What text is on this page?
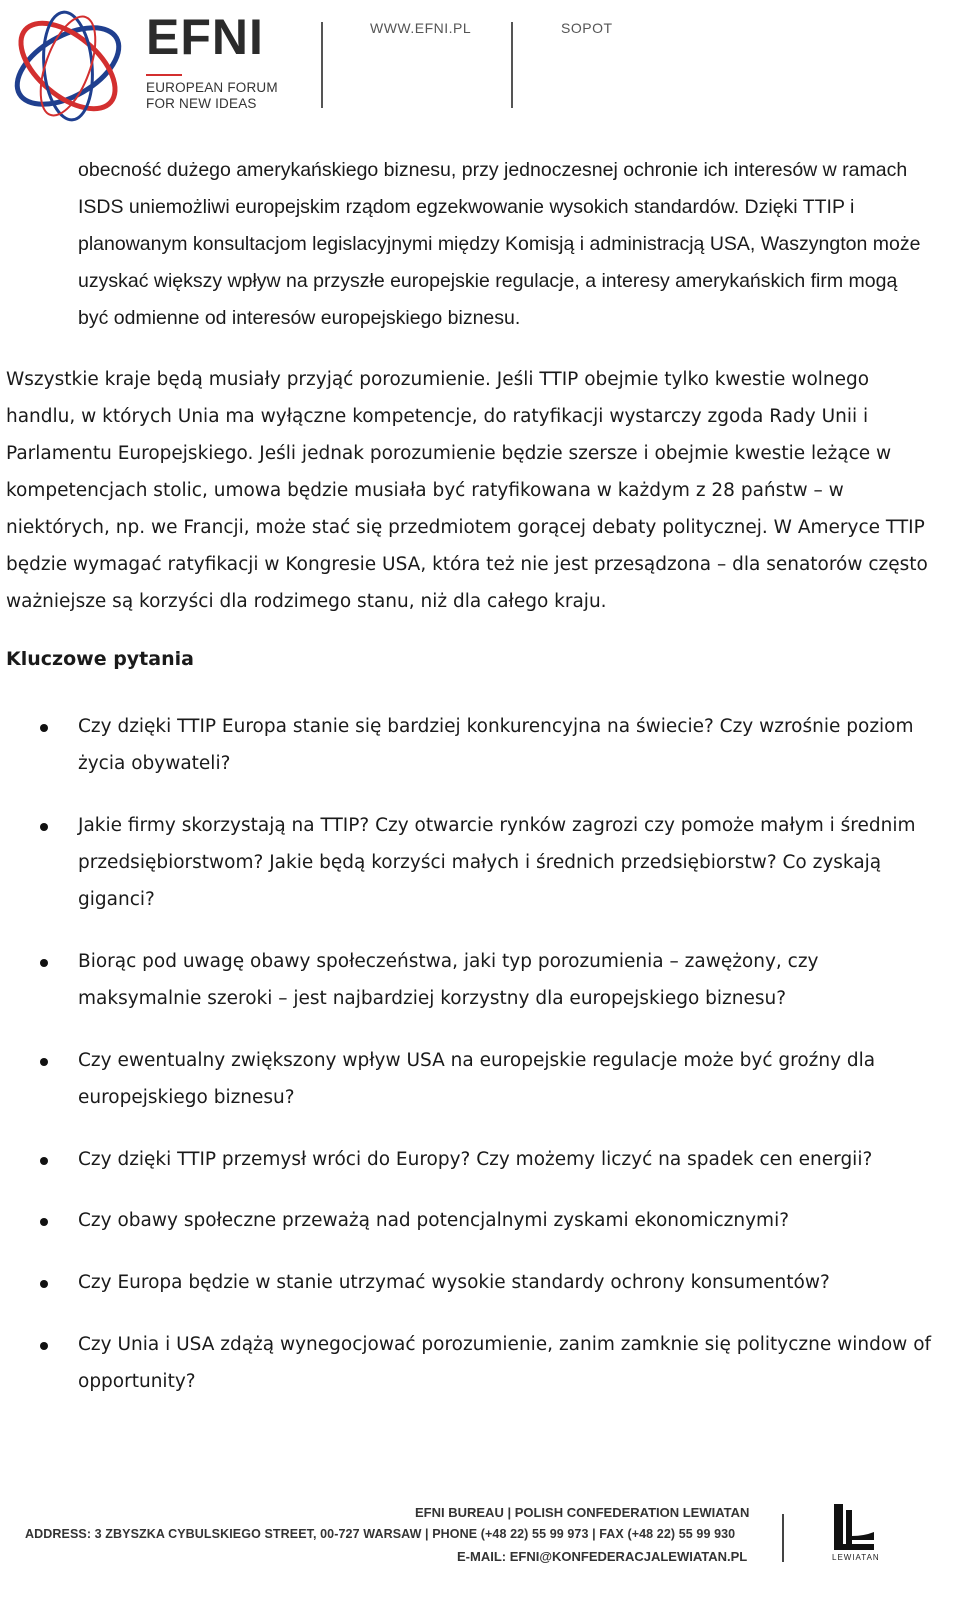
EFNI
EUROPEAN FORUM
FOR NEW IDEAS
WWW.EFNI.PL	SOPOT

obecność dużego amerykańskiego biznesu, przy jednoczesnej ochronie ich interesów w ramach ISDS uniemożliwi europejskim rządom egzekwowanie wysokich standardów. Dzięki TTIP i planowanym konsultacjom legislacyjnymi między Komisją i administracją USA, Waszyngton może uzyskać większy wpływ na przyszłe europejskie regulacje, a interesy amerykańskich firm mogą być odmienne od interesów europejskiego biznesu.

Wszystkie kraje będą musiały przyjąć porozumienie. Jeśli TTIP obejmie tylko kwestie wolnego handlu, w których Unia ma wyłączne kompetencje, do ratyfikacji wystarczy zgoda Rady Unii i Parlamentu Europejskiego. Jeśli jednak porozumienie będzie szersze i obejmie kwestie leżące w kompetencjach stolic, umowa będzie musiała być ratyfikowana w każdym z 28 państw – w niektórych, np. we Francji, może stać się przedmiotem gorącej debaty politycznej. W Ameryce TTIP będzie wymagać ratyfikacji w Kongresie USA, która też nie jest przesądzona – dla senatorów często ważniejsze są korzyści dla rodzimego stanu, niż dla całego kraju.

Kluczowe pytania
Czy dzięki TTIP Europa stanie się bardziej konkurencyjna na świecie? Czy wzrośnie poziom życia obywateli?
Jakie firmy skorzystają na TTIP? Czy otwarcie rynków zagrozi czy pomoże małym i średnim przedsiębiorstwom? Jakie będą korzyści małych i średnich przedsiębiorstw? Co zyskają giganci?
Biorąc pod uwagę obawy społeczeństwa, jaki typ porozumienia – zawężony, czy maksymalnie szeroki – jest najbardziej korzystny dla europejskiego biznesu?
Czy ewentualny zwiększony wpływ USA na europejskie regulacje może być groźny dla europejskiego biznesu?
Czy dzięki TTIP przemysł wróci do Europy? Czy możemy liczyć na spadek cen energii?
Czy obawy społeczne przeważą nad potencjalnymi zyskami ekonomicznymi?
Czy Europa będzie w stanie utrzymać wysokie standardy ochrony konsumentów?
Czy Unia i USA zdążą wynegocjować porozumienie, zanim zamknie się polityczne window of opportunity?
EFNI BUREAU | POLISH CONFEDERATION LEWIATAN
ADDRESS: 3 ZBYSZKA CYBULSKIEGO STREET, 00-727 WARSAW | PHONE (+48 22) 55 99 973 | FAX (+48 22) 55 99 930
E-MAIL: EFNI@KONFEDERACJALEWIATAN.PL	LEWIATAN
